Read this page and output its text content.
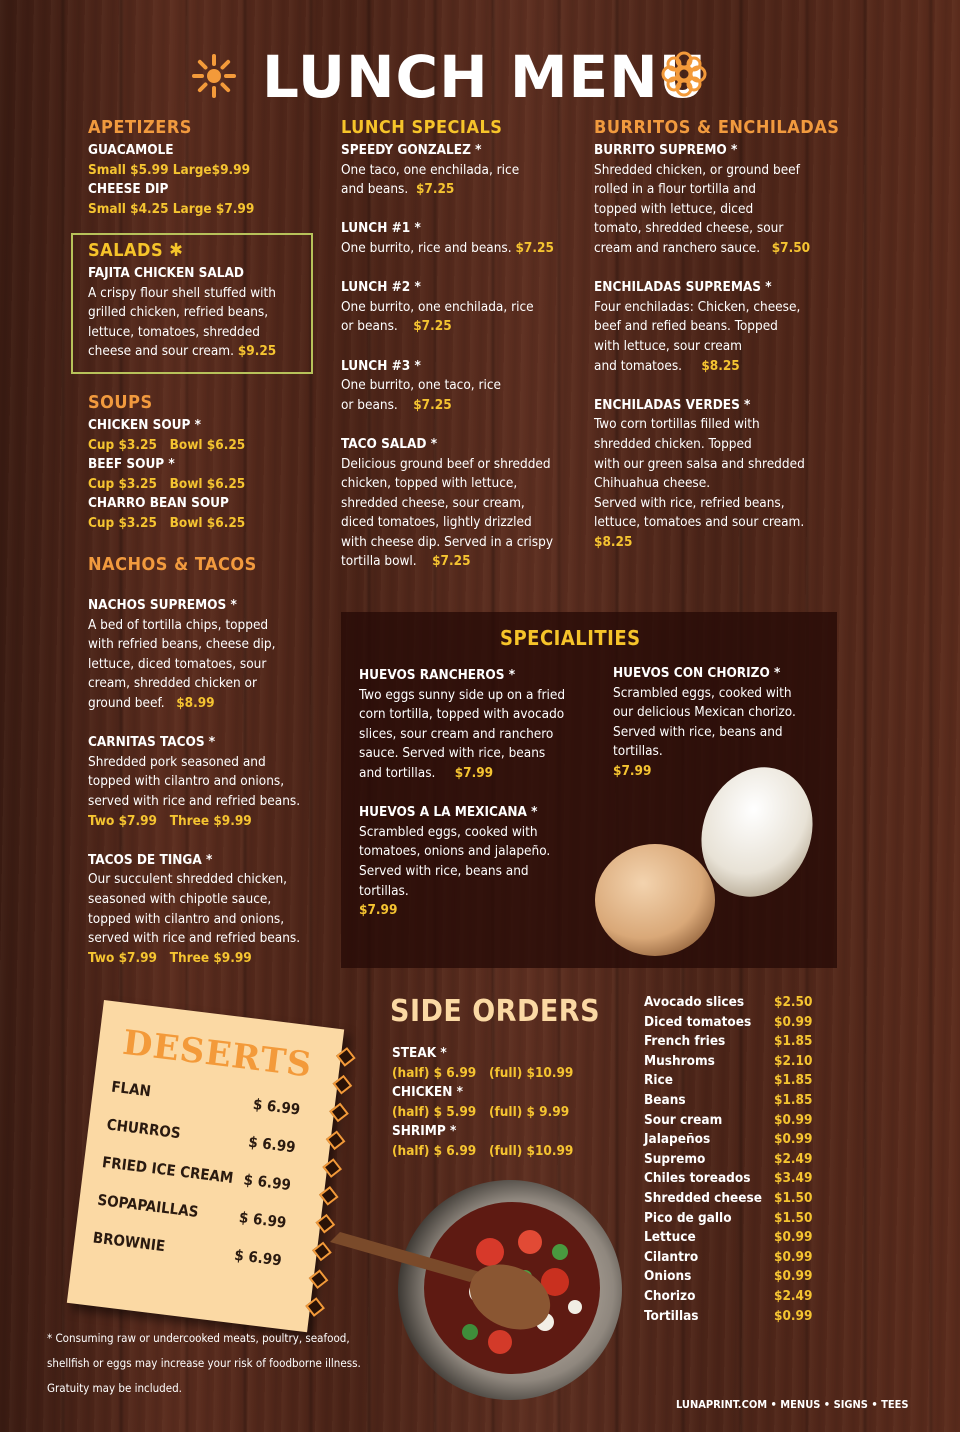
LUNCH MENU
APETIZERS
GUACAMOLE
Small $5.99 Large$9.99
CHEESE DIP
Small $4.25 Large $7.99
SALADS ✱
FAJITA CHICKEN SALAD
A crispy flour shell stuffed with
grilled chicken, refried beans,
lettuce, tomatoes, shredded
cheese and sour cream. $9.25
SOUPS
CHICKEN SOUP *
Cup $3.25 Bowl $6.25
BEEF SOUP *
Cup $3.25 Bowl $6.25
CHARRO BEAN SOUP
Cup $3.25 Bowl $6.25
NACHOS & TACOS
NACHOS SUPREMOS *
A bed of tortilla chips, topped
with refried beans, cheese dip,
lettuce, diced tomatoes, sour
cream, shredded chicken or
ground beef. $8.99
CARNITAS TACOS *
Shredded pork seasoned and
topped with cilantro and onions,
served with rice and refried beans.
Two $7.99 Three $9.99
TACOS DE TINGA *
Our succulent shredded chicken,
seasoned with chipotle sauce,
topped with cilantro and onions,
served with rice and refried beans.
Two $7.99 Three $9.99
LUNCH SPECIALS
SPEEDY GONZALEZ *
One taco, one enchilada, rice
and beans. $7.25
LUNCH #1 *
One burrito, rice and beans. $7.25
LUNCH #2 *
One burrito, one enchilada, rice
or beans. $7.25
LUNCH #3 *
One burrito, one taco, rice
or beans. $7.25
TACO SALAD *
Delicious ground beef or shredded
chicken, topped with lettuce,
shredded cheese, sour cream,
diced tomatoes, lightly drizzled
with cheese dip. Served in a crispy
tortilla bowl. $7.25
BURRITOS & ENCHILADAS
BURRITO SUPREMO *
Shredded chicken, or ground beef
rolled in a flour tortilla and
topped with lettuce, diced
tomato, shredded cheese, sour
cream and ranchero sauce. $7.50
ENCHILADAS SUPREMAS *
Four enchiladas: Chicken, cheese,
beef and refied beans. Topped
with lettuce, sour cream
and tomatoes. $8.25
ENCHILADAS VERDES *
Two corn tortillas filled with
shredded chicken. Topped
with our green salsa and shredded
Chihuahua cheese.
Served with rice, refried beans,
lettuce, tomatoes and sour cream.
$8.25
SPECIALITIES
HUEVOS RANCHEROS *
Two eggs sunny side up on a fried
corn tortilla, topped with avocado
slices, sour cream and ranchero
sauce. Served with rice, beans
and tortillas. $7.99
HUEVOS A LA MEXICANA *
Scrambled eggs, cooked with
tomatoes, onions and jalapeño.
Served with rice, beans and
tortillas.
$7.99
HUEVOS CON CHORIZO *
Scrambled eggs, cooked with
our delicious Mexican chorizo.
Served with rice, beans and
tortillas.
$7.99
DESERTS
FLAN
$ 6.99
CHURROS
$ 6.99
FRIED ICE CREAM $ 6.99
SOPAPAILLAS	$ 6.99
BROWNIE
$ 6.99
SIDE ORDERS
STEAK *
(half) $ 6.99 (full) $10.99
CHICKEN *
(half) $ 5.99 (full) $ 9.99
SHRIMP *
(half) $ 6.99 (full) $10.99
Avocado slices $2.50
Diced tomatoes $0.99
French fries	$1.85
Mushroms	$2.10
Rice	$1.85
Beans	$1.85
Sour cream	$0.99
Jalapeños	$0.99
Supremo	$2.49
Chiles toreados $3.49
Shredded cheese $1.50
Pico de gallo	$1.50
Lettuce	$0.99
Cilantro	$0.99
Onions	$0.99
Chorizo	$2.49
Tortillas	$0.99
* Consuming raw or undercooked meats, poultry, seafood,
shellfish or eggs may increase your risk of foodborne illness.
Gratuity may be included.
LUNAPRINT.COM • MENUS • SIGNS • TEES
